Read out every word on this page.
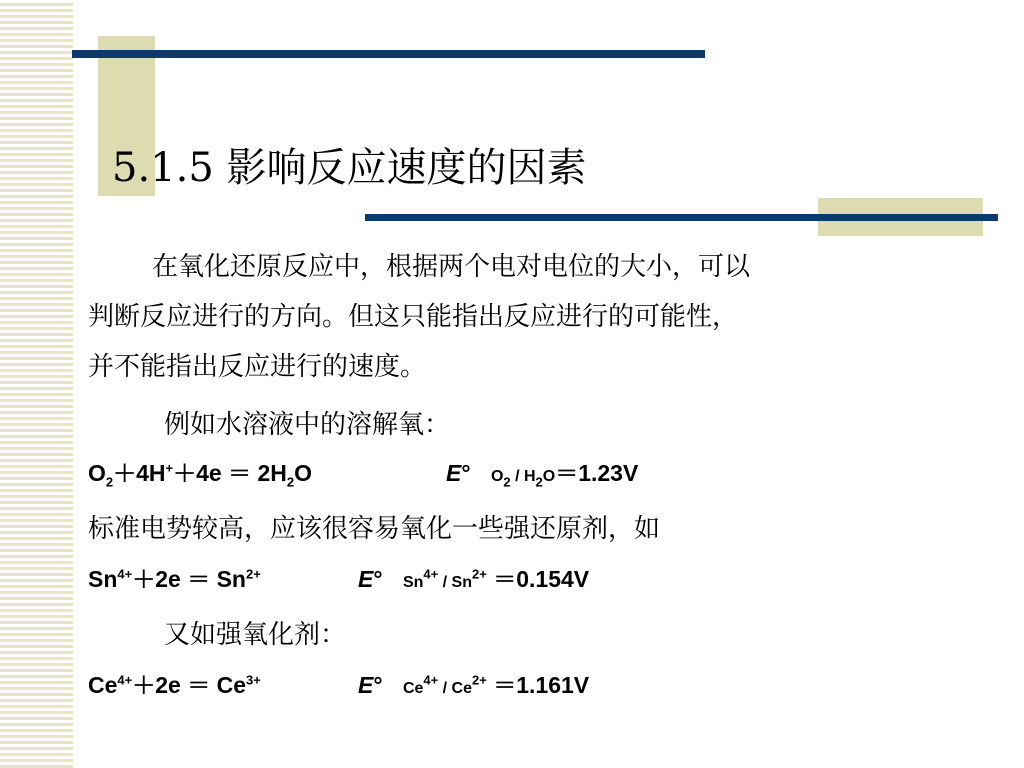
5.1.5 影响反应速度的因素
在氧化还原反应中，根据两个电对电位的大小，可以
判断反应进行的方向。但这只能指出反应进行的可能性，
并不能指出反应进行的速度。
例如水溶液中的溶解氧：
$O_2+4H^++4e = 2H_2O$	E° $O_2 / H_2O=1.23V$
标准电势较高，应该很容易氧化一些强还原剂，如
$Sn^{4+}+2e = Sn^{2+}$	E° $Sn^{4+} / Sn^{2+} =0.154V$
又如强氧化剂：
$Ce^{4+}+2e = Ce^{3+}$	E° $Ce^{4+} / Ce^{2+} =1.161V$
